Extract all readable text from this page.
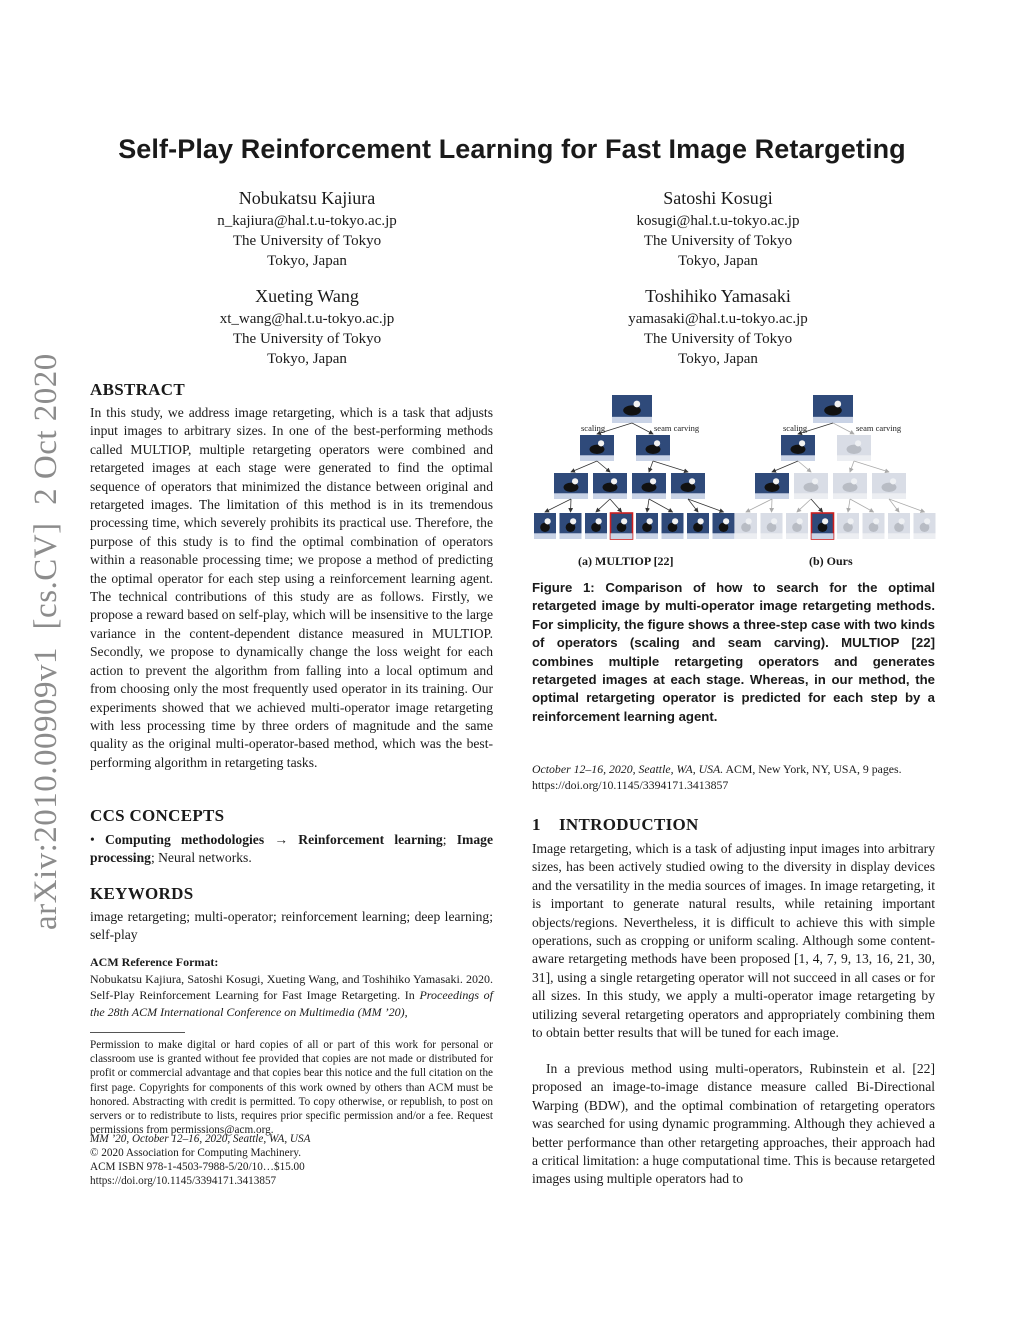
Self-Play Reinforcement Learning for Fast Image Retargeting
Nobukatsu Kajiura
n_kajiura@hal.t.u-tokyo.ac.jp
The University of Tokyo
Tokyo, Japan
Satoshi Kosugi
kosugi@hal.t.u-tokyo.ac.jp
The University of Tokyo
Tokyo, Japan
Xueting Wang
xt_wang@hal.t.u-tokyo.ac.jp
The University of Tokyo
Tokyo, Japan
Toshihiko Yamasaki
yamasaki@hal.t.u-tokyo.ac.jp
The University of Tokyo
Tokyo, Japan
arXiv:2010.00909v1  [cs.CV]  2 Oct 2020 ABSTRACT
In this study, we address image retargeting, which is a task that adjusts input images to arbitrary sizes. In one of the best-performing methods called MULTIOP, multiple retargeting operators were combined and retargeted images at each stage were generated to find the optimal sequence of operators that minimized the distance between original and retargeted images. The limitation of this method is in its tremendous processing time, which severely prohibits its practical use. Therefore, the purpose of this study is to find the optimal combination of operators within a reasonable processing time; we propose a method of predicting the optimal operator for each step using a reinforcement learning agent. The technical contributions of this study are as follows. Firstly, we propose a reward based on self-play, which will be insensitive to the large variance in the content-dependent distance measured in MULTIOP. Secondly, we propose to dynamically change the loss weight for each action to prevent the algorithm from falling into a local optimum and from choosing only the most frequently used operator in its training. Our experiments showed that we achieved multi-operator image retargeting with less processing time by three orders of magnitude and the same quality as the original multi-operator-based method, which was the best-performing algorithm in retargeting tasks.
CCS CONCEPTS
• Computing methodologies → Reinforcement learning; Image processing; Neural networks.
KEYWORDS
image retargeting; multi-operator; reinforcement learning; deep learning; self-play
ACM Reference Format:
Nobukatsu Kajiura, Satoshi Kosugi, Xueting Wang, and Toshihiko Yamasaki. 2020. Self-Play Reinforcement Learning for Fast Image Retargeting. In Proceedings of the 28th ACM International Conference on Multimedia (MM ’20),
Permission to make digital or hard copies of all or part of this work for personal or classroom use is granted without fee provided that copies are not made or distributed for profit or commercial advantage and that copies bear this notice and the full citation on the first page. Copyrights for components of this work owned by others than ACM must be honored. Abstracting with credit is permitted. To copy otherwise, or republish, to post on servers or to redistribute to lists, requires prior specific permission and/or a fee. Request permissions from permissions@acm.org.
MM ’20, October 12–16, 2020, Seattle, WA, USA
© 2020 Association for Computing Machinery.
ACM ISBN 978-1-4503-7988-5/20/10…$15.00
https://doi.org/10.1145/3394171.3413857
scaling	seam carving	scaling	seam carving
(a) MULTIOP [22]	(b) Ours
Figure 1: Comparison of how to search for the optimal retargeted image by multi-operator image retargeting methods. For simplicity, the figure shows a three-step case with two kinds of operators (scaling and seam carving). MULTIOP [22] combines multiple retargeting operators and generates retargeted images at each stage. Whereas, in our method, the optimal retargeting operator is predicted for each step by a reinforcement learning agent.
October 12–16, 2020, Seattle, WA, USA. ACM, New York, NY, USA, 9 pages.
https://doi.org/10.1145/3394171.3413857
1    INTRODUCTION
Image retargeting, which is a task of adjusting input images into arbitrary sizes, has been actively studied owing to the diversity in display devices and the versatility in the media sources of images. In image retargeting, it is important to generate natural results, while retaining important objects/regions. Nevertheless, it is difficult to achieve this with simple operations, such as cropping or uniform scaling. Although some content-aware retargeting methods have been proposed [1, 4, 7, 9, 13, 16, 21, 30, 31], using a single retargeting operator will not succeed in all cases or for all sizes. In this study, we apply a multi-operator image retargeting by utilizing several retargeting operators and appropriately combining them to obtain better results that will be tuned for each image.
In a previous method using multi-operators, Rubinstein et al. [22] proposed an image-to-image distance measure called Bi-Directional Warping (BDW), and the optimal combination of retargeting operators was searched for using dynamic programming. Although they achieved a better performance than other retargeting approaches, their approach had a critical limitation: a huge computational time. This is because retargeted images using multiple operators had to
